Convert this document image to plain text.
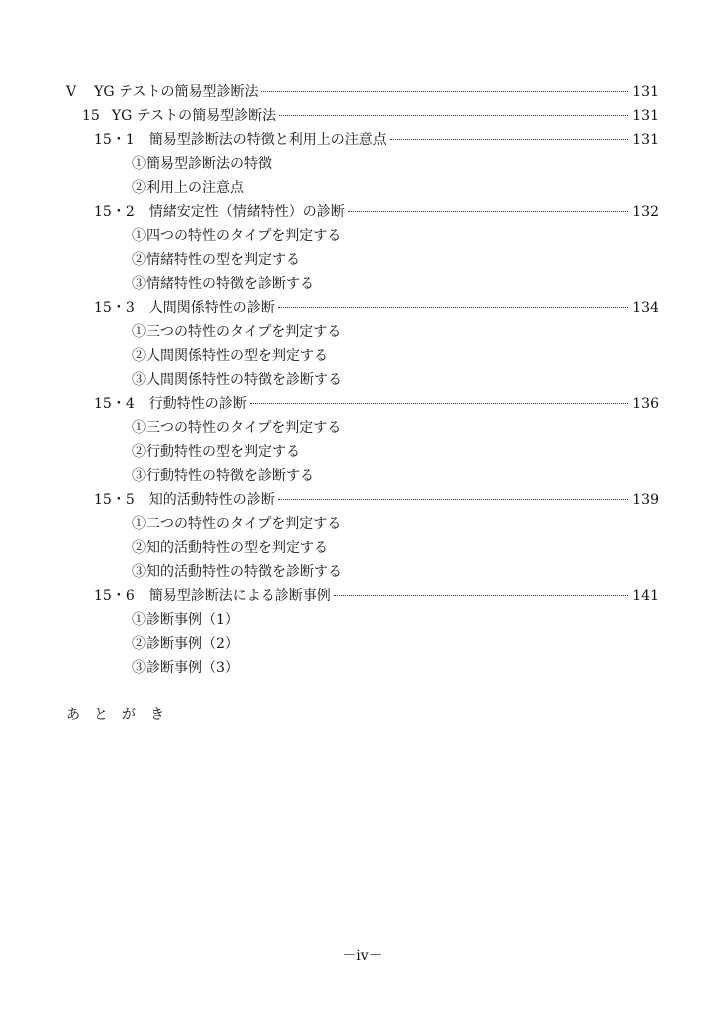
Ⅴ YG テストの簡易型診断法	131
15 YG テストの簡易型診断法	131
15・1 簡易型診断法の特徴と利用上の注意点	131
①簡易型診断法の特徴
②利用上の注意点
15・2 情緒安定性（情緒特性）の診断	132
①四つの特性のタイプを判定する
②情緒特性の型を判定する
③情緒特性の特徴を診断する
15・3 人間関係特性の診断	134
①三つの特性のタイプを判定する
②人間関係特性の型を判定する
③人間関係特性の特徴を診断する
15・4 行動特性の診断	136
①三つの特性のタイプを判定する
②行動特性の型を判定する
③行動特性の特徴を診断する
15・5 知的活動特性の診断	139
①二つの特性のタイプを判定する
②知的活動特性の型を判定する
③知的活動特性の特徴を診断する
15・6 簡易型診断法による診断事例	141
①診断事例（1）
②診断事例（2）
③診断事例（3）
あとがき
－iv－
